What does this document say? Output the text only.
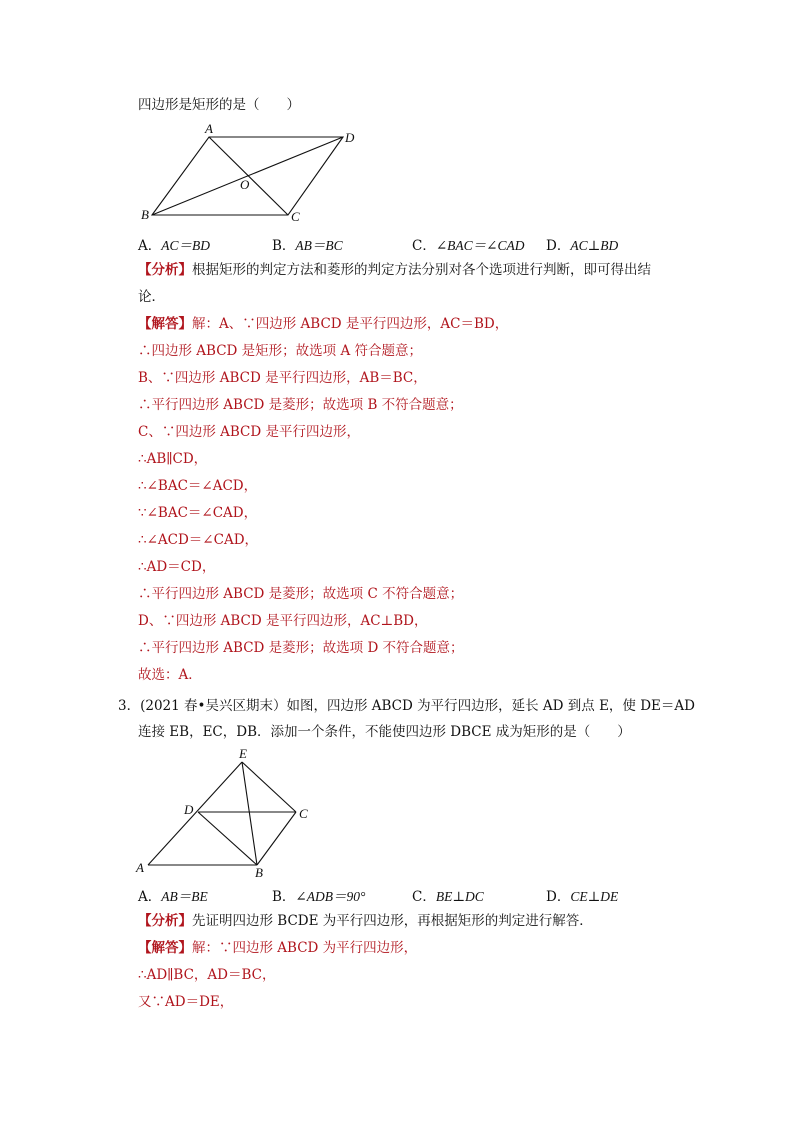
四边形是矩形的是（　　）
A
D
O
B	C
A．AC＝BD	B．AB＝BC	C．∠BAC＝∠CAD D．AC⊥BD
【分析】根据矩形的判定方法和菱形的判定方法分别对各个选项进行判断，即可得出结
论．
【解答】解：A、∵四边形 ABCD 是平行四边形，AC＝BD，
∴四边形 ABCD 是矩形；故选项 A 符合题意；
B、∵四边形 ABCD 是平行四边形，AB＝BC，
∴平行四边形 ABCD 是菱形；故选项 B 不符合题意；
C、∵四边形 ABCD 是平行四边形，
∴AB∥CD，
∴∠BAC＝∠ACD，
∵∠BAC＝∠CAD，
∴∠ACD＝∠CAD，
∴AD＝CD，
∴平行四边形 ABCD 是菱形；故选项 C 不符合题意；
D、∵四边形 ABCD 是平行四边形，AC⊥BD，
∴平行四边形 ABCD 是菱形；故选项 D 不符合题意；
故选：A．
3．(2021 春•吴兴区期末）如图，四边形 ABCD 为平行四边形，延长 AD 到点 E，使 DE＝AD
连接 EB，EC，DB．添加一个条件，不能使四边形 DBCE 成为矩形的是（　　）
E
D	C
A	B
A．AB＝BE	B．∠ADB＝90°	C．BE⊥DC	D．CE⊥DE
【分析】先证明四边形 BCDE 为平行四边形，再根据矩形的判定进行解答．
【解答】解：∵四边形 ABCD 为平行四边形，
∴AD∥BC，AD＝BC，
又∵AD＝DE，
